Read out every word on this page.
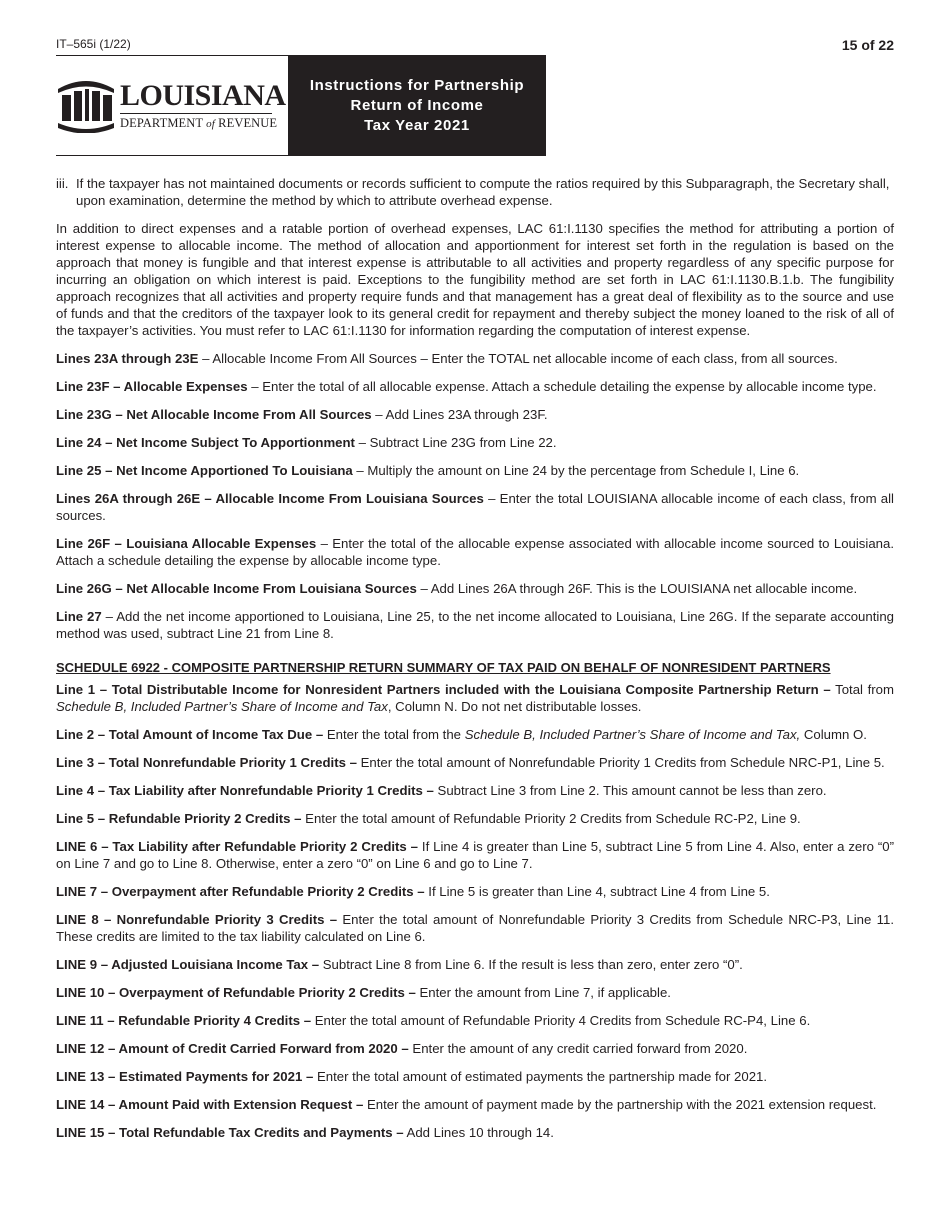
IT–565i (1/22)	15 of 22
LOUISIANA
DEPARTMENT of REVENUE
Instructions for Partnership
Return of Income
Tax Year 2021
iii. If the taxpayer has not maintained documents or records sufficient to compute the ratios required by this Subparagraph, the Secretary shall, upon examination, determine the method by which to attribute overhead expense.

In addition to direct expenses and a ratable portion of overhead expenses, LAC 61:I.1130 specifies the method for attributing a portion of interest expense to allocable income. The method of allocation and apportionment for interest set forth in the regulation is based on the approach that money is fungible and that interest expense is attributable to all activities and property regardless of any specific purpose for incurring an obligation on which interest is paid. Exceptions to the fungibility method are set forth in LAC 61:I.1130.B.1.b. The fungibility approach recognizes that all activities and property require funds and that management has a great deal of flexibility as to the source and use of funds and that the creditors of the taxpayer look to its general credit for repayment and thereby subject the money loaned to the risk of all of the taxpayer’s activities. You must refer to LAC 61:I.1130 for information regarding the computation of interest expense.

Lines 23A through 23E – Allocable Income From All Sources – Enter the TOTAL net allocable income of each class, from all sources.

Line 23F – Allocable Expenses – Enter the total of all allocable expense. Attach a schedule detailing the expense by allocable income type.

Line 23G – Net Allocable Income From All Sources – Add Lines 23A through 23F.

Line 24 – Net Income Subject To Apportionment – Subtract Line 23G from Line 22.

Line 25 – Net Income Apportioned To Louisiana – Multiply the amount on Line 24 by the percentage from Schedule I, Line 6.

Lines 26A through 26E – Allocable Income From Louisiana Sources – Enter the total LOUISIANA allocable income of each class, from all sources.

Line 26F – Louisiana Allocable Expenses – Enter the total of the allocable expense associated with allocable income sourced to Louisiana. Attach a schedule detailing the expense by allocable income type.

Line 26G – Net Allocable Income From Louisiana Sources – Add Lines 26A through 26F. This is the LOUISIANA net allocable income.

Line 27 – Add the net income apportioned to Louisiana, Line 25, to the net income allocated to Louisiana, Line 26G. If the separate accounting method was used, subtract Line 21 from Line 8.

SCHEDULE 6922 - COMPOSITE PARTNERSHIP RETURN SUMMARY OF TAX PAID ON BEHALF OF NONRESIDENT PARTNERS

Line 1 – Total Distributable Income for Nonresident Partners included with the Louisiana Composite Partnership Return – Total from Schedule B, Included Partner’s Share of Income and Tax, Column N. Do not net distributable losses.

Line 2 – Total Amount of Income Tax Due – Enter the total from the Schedule B, Included Partner’s Share of Income and Tax, Column O.

Line 3 – Total Nonrefundable Priority 1 Credits – Enter the total amount of Nonrefundable Priority 1 Credits from Schedule NRC-P1, Line 5.

Line 4 – Tax Liability after Nonrefundable Priority 1 Credits – Subtract Line 3 from Line 2. This amount cannot be less than zero.

Line 5 – Refundable Priority 2 Credits – Enter the total amount of Refundable Priority 2 Credits from Schedule RC-P2, Line 9.

LINE 6 – Tax Liability after Refundable Priority 2 Credits – If Line 4 is greater than Line 5, subtract Line 5 from Line 4. Also, enter a zero “0” on Line 7 and go to Line 8. Otherwise, enter a zero “0” on Line 6 and go to Line 7.

LINE 7 – Overpayment after Refundable Priority 2 Credits – If Line 5 is greater than Line 4, subtract Line 4 from Line 5.

LINE 8 – Nonrefundable Priority 3 Credits – Enter the total amount of Nonrefundable Priority 3 Credits from Schedule NRC-P3, Line 11. These credits are limited to the tax liability calculated on Line 6.

LINE 9 – Adjusted Louisiana Income Tax – Subtract Line 8 from Line 6. If the result is less than zero, enter zero “0”.

LINE 10 – Overpayment of Refundable Priority 2 Credits – Enter the amount from Line 7, if applicable.

LINE 11 – Refundable Priority 4 Credits – Enter the total amount of Refundable Priority 4 Credits from Schedule RC-P4, Line 6.

LINE 12 – Amount of Credit Carried Forward from 2020 – Enter the amount of any credit carried forward from 2020.

LINE 13 – Estimated Payments for 2021 – Enter the total amount of estimated payments the partnership made for 2021.

LINE 14 – Amount Paid with Extension Request – Enter the amount of payment made by the partnership with the 2021 extension request.

LINE 15 – Total Refundable Tax Credits and Payments – Add Lines 10 through 14.
